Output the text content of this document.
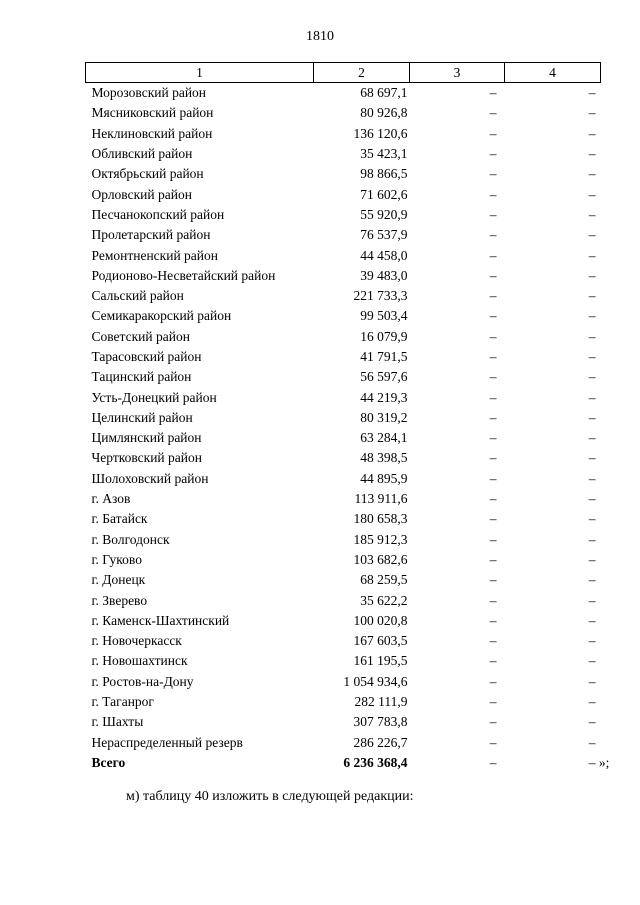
1810
1	2	3	4
Морозовский район	68 697,1	–	–
Мясниковский район	80 926,8	–	–
Неклиновский район	136 120,6	–	–
Обливский район	35 423,1	–	–
Октябрьский район	98 866,5	–	–
Орловский район	71 602,6	–	–
Песчанокопский район	55 920,9	–	–
Пролетарский район	76 537,9	–	–
Ремонтненский район	44 458,0	–	–
Родионово-Несветайский район	39 483,0	–	–
Сальский район	221 733,3	–	–
Семикаракорский район	99 503,4	–	–
Советский район	16 079,9	–	–
Тарасовский район	41 791,5	–	–
Тацинский район	56 597,6	–	–
Усть-Донецкий район	44 219,3	–	–
Целинский район	80 319,2	–	–
Цимлянский район	63 284,1	–	–
Чертковский район	48 398,5	–	–
Шолоховский район	44 895,9	–	–
г. Азов	113 911,6	–	–
г. Батайск	180 658,3	–	–
г. Волгодонск	185 912,3	–	–
г. Гуково	103 682,6	–	–
г. Донецк	68 259,5	–	–
г. Зверево	35 622,2	–	–
г. Каменск-Шахтинский	100 020,8	–	–
г. Новочеркасск	167 603,5	–	–
г. Новошахтинск	161 195,5	–	–
г. Ростов-на-Дону	1 054 934,6	–	–
г. Таганрог	282 111,9	–	–
г. Шахты	307 783,8	–	–
Нераспределенный резерв	286 226,7	–	–
Всего	6 236 368,4	–	– »;
м) таблицу 40 изложить в следующей редакции:
